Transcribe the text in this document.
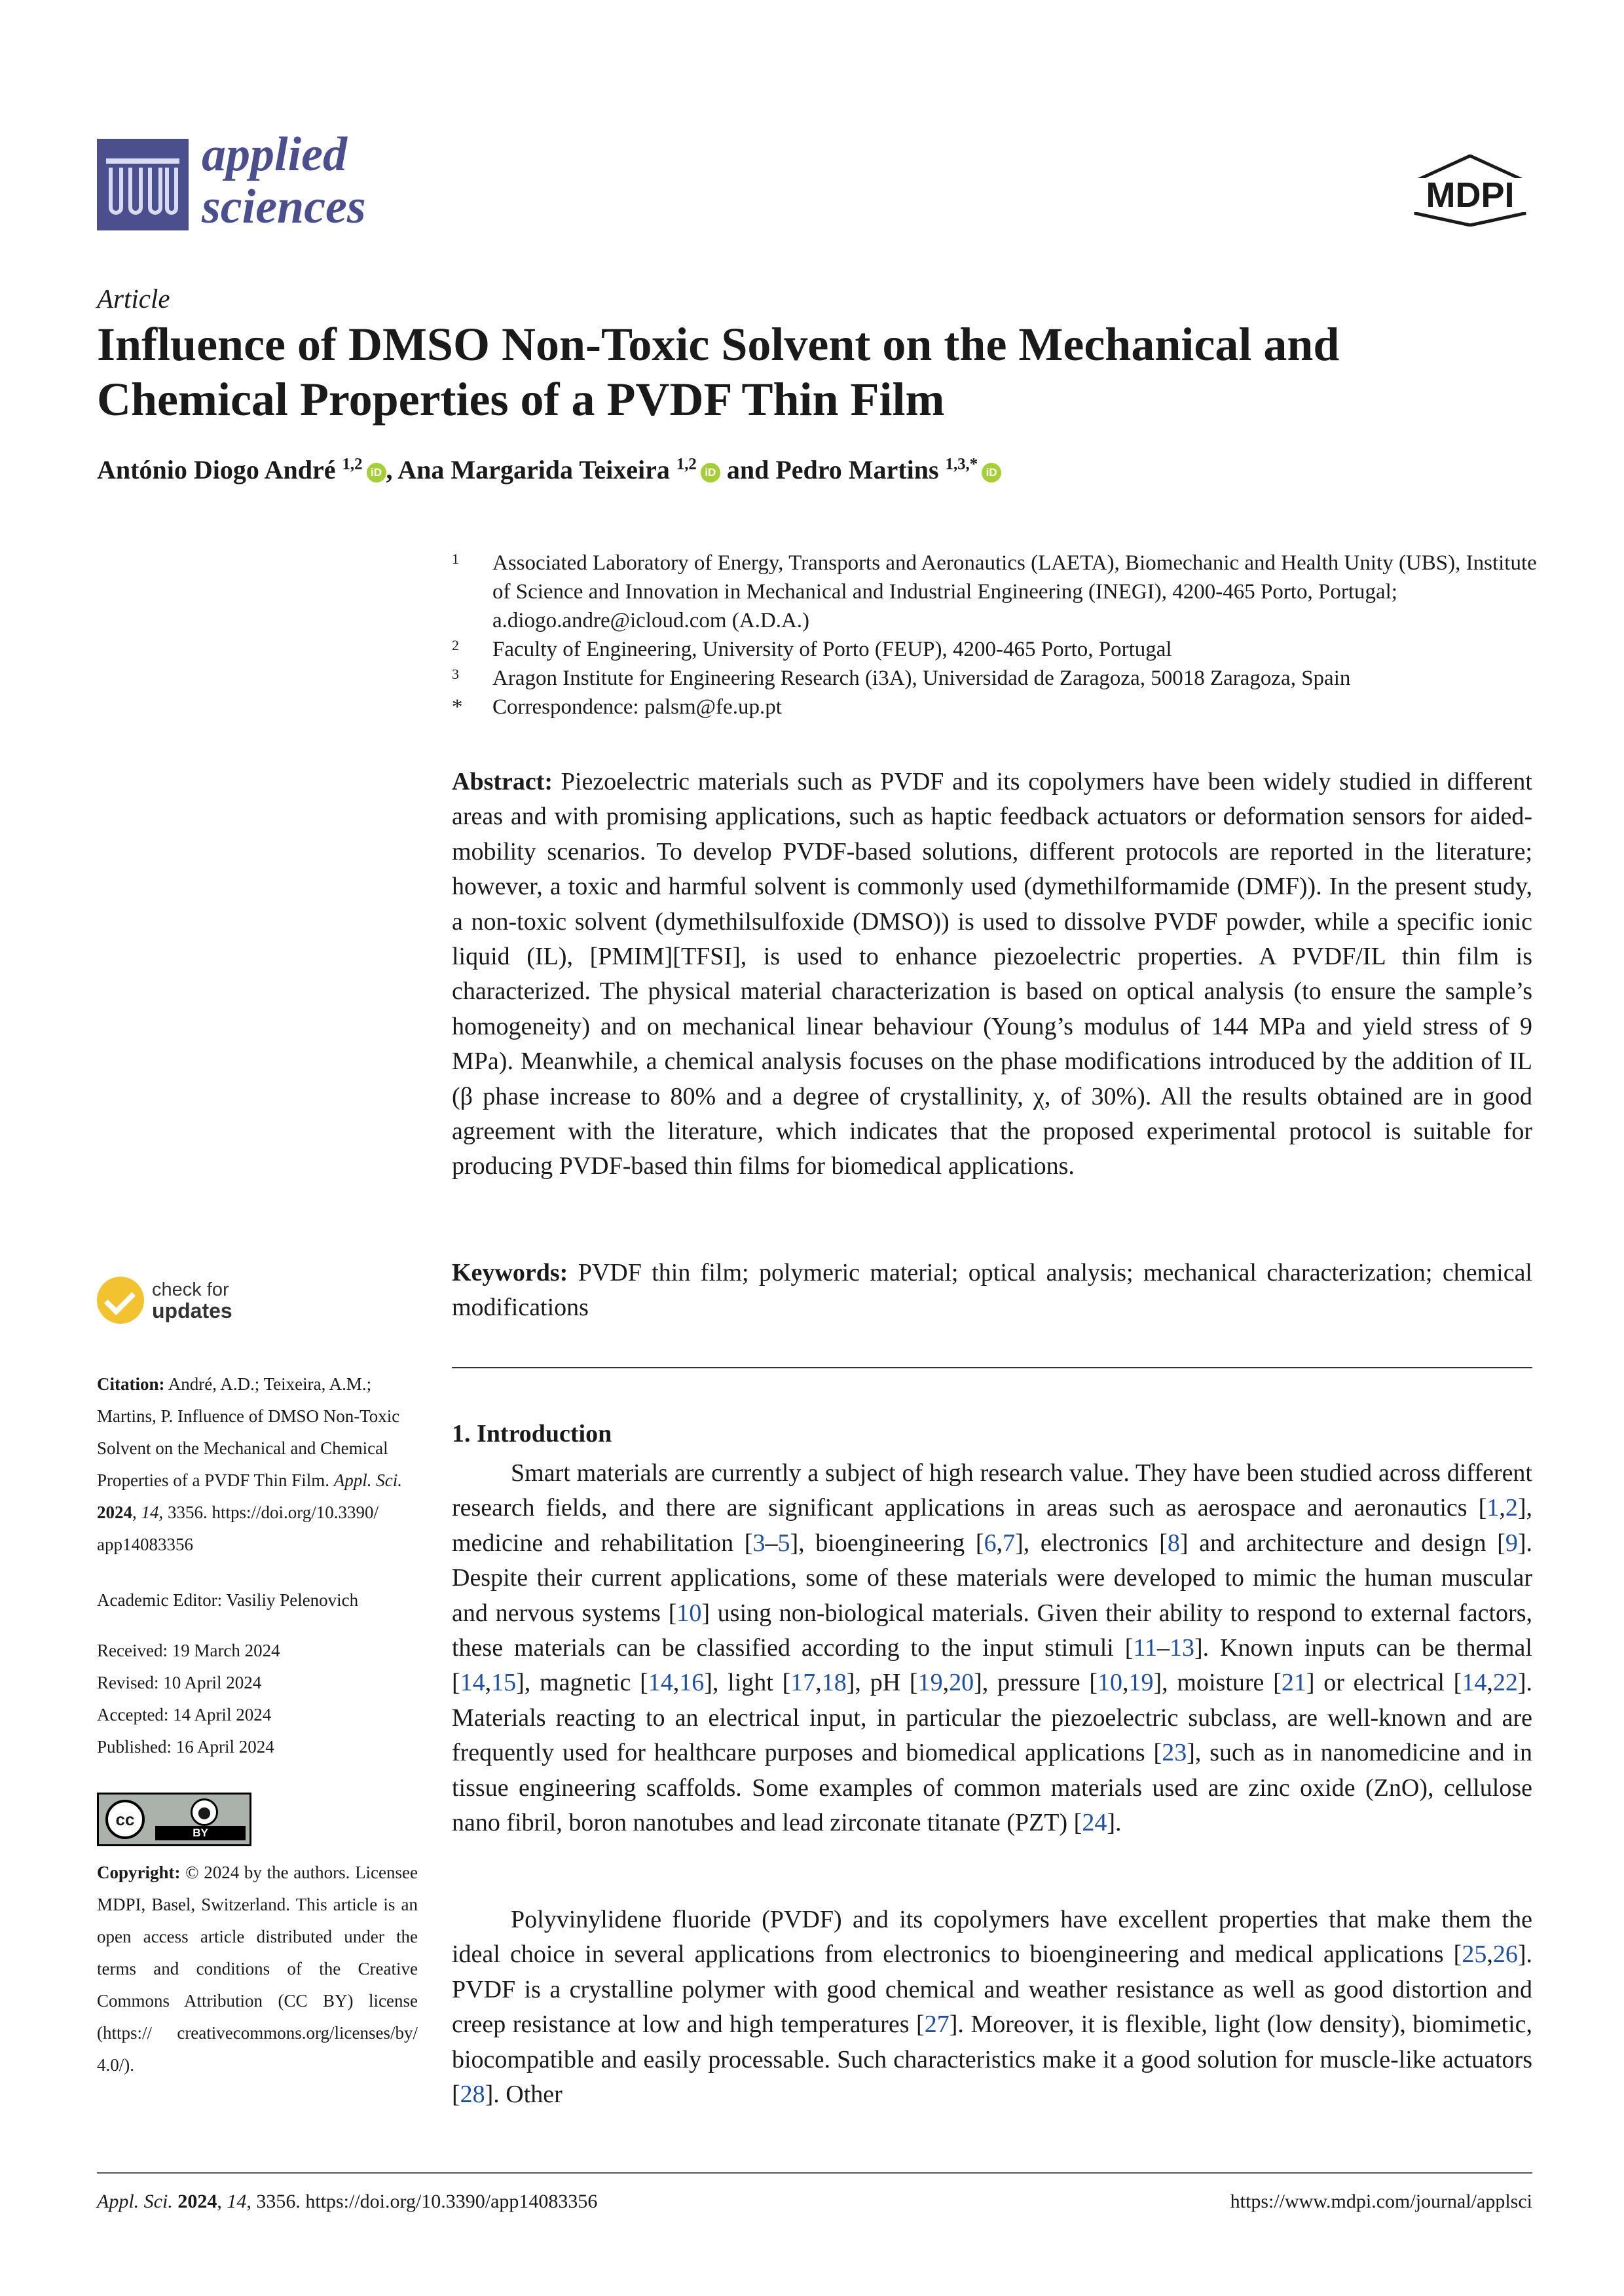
applied
sciences	MDPI
Article
Influence of DMSO Non-Toxic Solvent on the Mechanical and Chemical Properties of a PVDF Thin Film
António Diogo André $^{1,2}$ iD , Ana Margarida Teixeira $^{1,2}$ iD and Pedro Martins $^{1,3,*}$ iD
1 Associated Laboratory of Energy, Transports and Aeronautics (LAETA), Biomechanic and Health Unity (UBS), Institute of Science and Innovation in Mechanical and Industrial Engineering (INEGI), 4200-465 Porto, Portugal; a.diogo.andre@icloud.com (A.D.A.)
2 Faculty of Engineering, University of Porto (FEUP), 4200-465 Porto, Portugal
3 Aragon Institute for Engineering Research (i3A), Universidad de Zaragoza, 50018 Zaragoza, Spain
* Correspondence: palsm@fe.up.pt
Abstract: Piezoelectric materials such as PVDF and its copolymers have been widely studied in different areas and with promising applications, such as haptic feedback actuators or deformation sensors for aided-mobility scenarios. To develop PVDF-based solutions, different protocols are reported in the literature; however, a toxic and harmful solvent is commonly used (dymethilformamide (DMF)). In the present study, a non-toxic solvent (dymethilsulfoxide (DMSO)) is used to dissolve PVDF powder, while a specific ionic liquid (IL), [PMIM][TFSI], is used to enhance piezoelectric properties. A PVDF/IL thin film is characterized. The physical material characterization is based on optical analysis (to ensure the sample’s homogeneity) and on mechanical linear behaviour (Young’s modulus of 144 MPa and yield stress of 9 MPa). Meanwhile, a chemical analysis focuses on the phase modifications introduced by the addition of IL (β phase increase to 80% and a degree of crystallinity, χ, of 30%). All the results obtained are in good agreement with the literature, which indicates that the proposed experimental protocol is suitable for producing PVDF-based thin films for biomedical applications.
Keywords: PVDF thin film; polymeric material; optical analysis; mechanical characterization; chemical modifications
check for
updates
Citation: André, A.D.; Teixeira, A.M.; Martins, P. Influence of DMSO Non-Toxic Solvent on the Mechanical and Chemical Properties of a PVDF Thin Film. Appl. Sci. 2024, 14, 3356. https://doi.org/10.3390/ app14083356
Academic Editor: Vasiliy Pelenovich
Received: 19 March 2024
Revised: 10 April 2024
Accepted: 14 April 2024
Published: 16 April 2024
cc	●
BY
Copyright: © 2024 by the authors. Licensee MDPI, Basel, Switzerland. This article is an open access article distributed under the terms and conditions of the Creative Commons Attribution (CC BY) license (https:// creativecommons.org/licenses/by/ 4.0/).
1. Introduction
Smart materials are currently a subject of high research value. They have been studied across different research fields, and there are significant applications in areas such as aerospace and aeronautics [1,2], medicine and rehabilitation [3–5], bioengineering [6,7], electronics [8] and architecture and design [9]. Despite their current applications, some of these materials were developed to mimic the human muscular and nervous systems [10] using non-biological materials. Given their ability to respond to external factors, these materials can be classified according to the input stimuli [11–13]. Known inputs can be thermal [14,15], magnetic [14,16], light [17,18], pH [19,20], pressure [10,19], moisture [21] or electrical [14,22]. Materials reacting to an electrical input, in particular the piezoelectric subclass, are well-known and are frequently used for healthcare purposes and biomedical applications [23], such as in nanomedicine and in tissue engineering scaffolds. Some examples of common materials used are zinc oxide (ZnO), cellulose nano fibril, boron nanotubes and lead zirconate titanate (PZT) [24].
Polyvinylidene fluoride (PVDF) and its copolymers have excellent properties that make them the ideal choice in several applications from electronics to bioengineering and medical applications [25,26]. PVDF is a crystalline polymer with good chemical and weather resistance as well as good distortion and creep resistance at low and high temperatures [27]. Moreover, it is flexible, light (low density), biomimetic, biocompatible and easily processable. Such characteristics make it a good solution for muscle-like actuators [28]. Other
Appl. Sci. 2024, 14, 3356. https://doi.org/10.3390/app14083356	https://www.mdpi.com/journal/applsci
